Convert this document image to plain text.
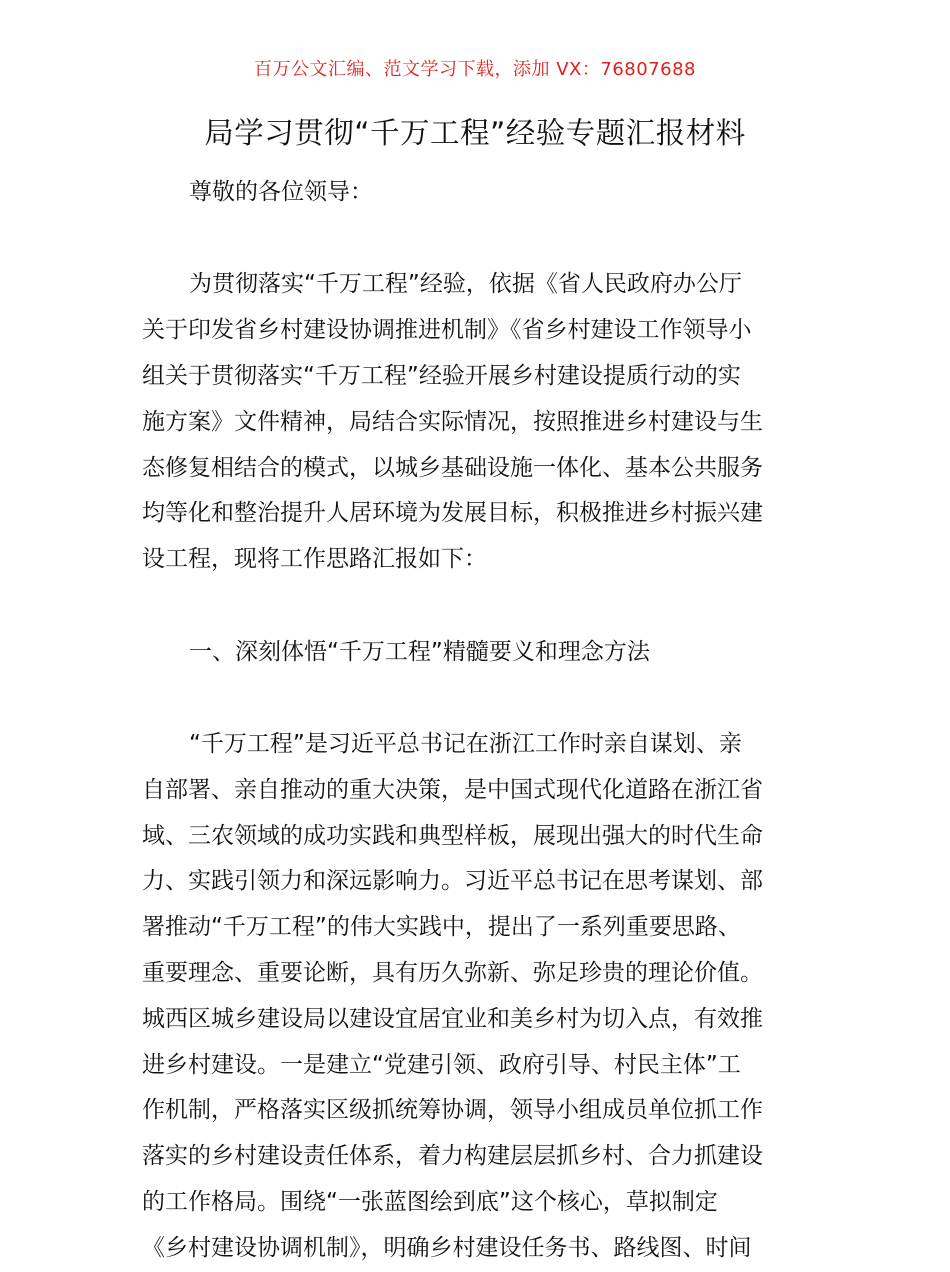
百万公文汇编、范文学习下载，添加 VX：76807688
局学习贯彻“千万工程”经验专题汇报材料
尊敬的各位领导：
为贯彻落实“千万工程”经验，依据《省人民政府办公厅
关于印发省乡村建设协调推进机制》《省乡村建设工作领导小
组关于贯彻落实“千万工程”经验开展乡村建设提质行动的实
施方案》文件精神，局结合实际情况，按照推进乡村建设与生
态修复相结合的模式，以城乡基础设施一体化、基本公共服务
均等化和整治提升人居环境为发展目标，积极推进乡村振兴建
设工程，现将工作思路汇报如下：
一、深刻体悟“千万工程”精髓要义和理念方法
“千万工程”是习近平总书记在浙江工作时亲自谋划、亲
自部署、亲自推动的重大决策，是中国式现代化道路在浙江省
域、三农领域的成功实践和典型样板，展现出强大的时代生命
力、实践引领力和深远影响力。习近平总书记在思考谋划、部
署推动“千万工程”的伟大实践中，提出了一系列重要思路、
重要理念、重要论断，具有历久弥新、弥足珍贵的理论价值。
城西区城乡建设局以建设宜居宜业和美乡村为切入点，有效推
进乡村建设。一是建立“党建引领、政府引导、村民主体”工
作机制，严格落实区级抓统筹协调，领导小组成员单位抓工作
落实的乡村建设责任体系，着力构建层层抓乡村、合力抓建设
的工作格局。围绕“一张蓝图绘到底”这个核心，草拟制定
《乡村建设协调机制》，明确乡村建设任务书、路线图、时间
